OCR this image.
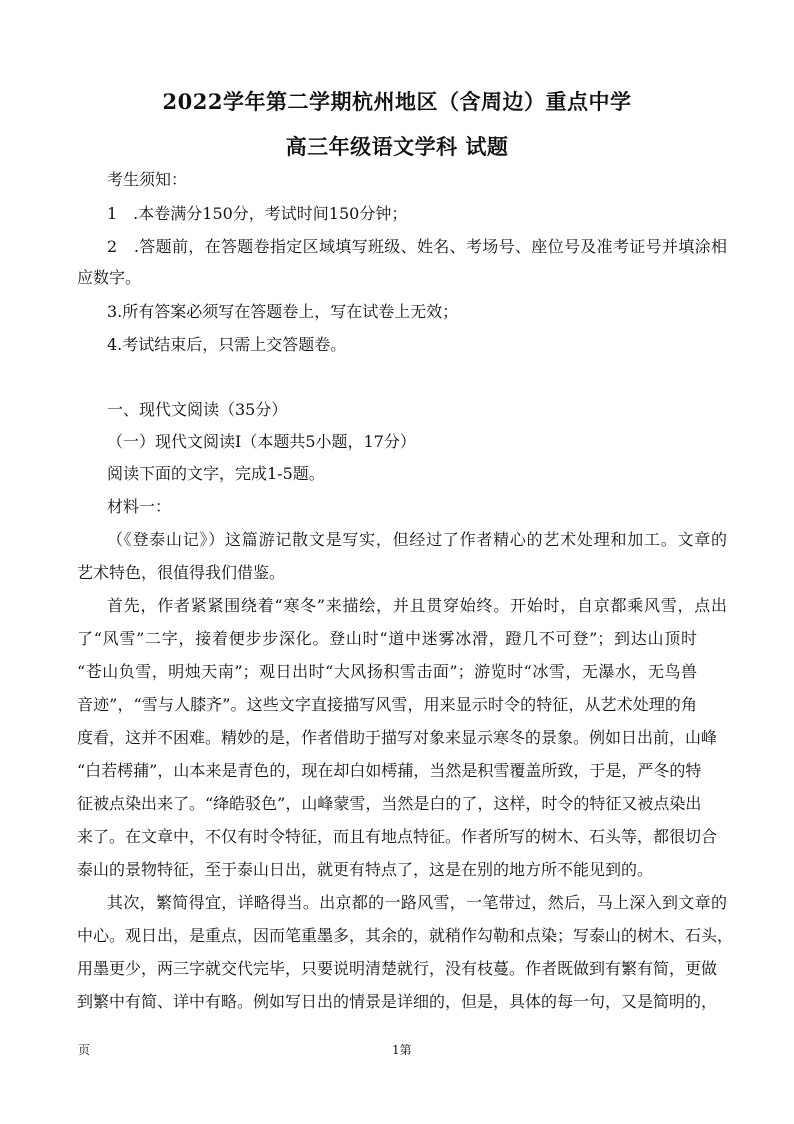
2022学年第二学期杭州地区（含周边）重点中学
高三年级语文学科 试题
考生须知：
1　.本卷满分150分，考试时间150分钟；
2　.答题前，在答题卷指定区域填写班级、姓名、考场号、座位号及准考证号并填涂相
应数字。
3.所有答案必须写在答题卷上，写在试卷上无效；
4.考试结束后，只需上交答题卷。
一、现代文阅读（35分）
（一）现代文阅读I（本题共5小题，17分）
阅读下面的文字，完成1-5题。
材料一：
（《登泰山记》）这篇游记散文是写实，但经过了作者精心的艺术处理和加工。文章的
艺术特色，很值得我们借鉴。
首先，作者紧紧围绕着“寒冬”来描绘，并且贯穿始终。开始时，自京都乘风雪，点出
了“风雪”二字，接着便步步深化。登山时“道中迷雾冰滑，蹬几不可登”；到达山顶时
“苍山负雪，明烛天南”；观日出时“大风扬积雪击面”；游览时“冰雪，无瀑水，无鸟兽
音迹”，“雪与人膝齐”。这些文字直接描写风雪，用来显示时令的特征，从艺术处理的角
度看，这并不困难。精妙的是，作者借助于描写对象来显示寒冬的景象。例如日出前，山峰
“白若樗蒱”，山本来是青色的，现在却白如樗蒱，当然是积雪覆盖所致，于是，严冬的特
征被点染出来了。“绛皓驳色”，山峰蒙雪，当然是白的了，这样，时令的特征又被点染出
来了。在文章中，不仅有时令特征，而且有地点特征。作者所写的树木、石头等，都很切合
泰山的景物特征，至于泰山日出，就更有特点了，这是在别的地方所不能见到的。
其次，繁简得宜，详略得当。出京都的一路风雪，一笔带过，然后，马上深入到文章的
中心。观日出，是重点，因而笔重墨多，其余的，就稍作勾勒和点染；写泰山的树木、石头，
用墨更少，两三字就交代完毕，只要说明清楚就行，没有枝蔓。作者既做到有繁有简，更做
到繁中有简、详中有略。例如写日出的情景是详细的，但是，具体的每一句，又是简明的，
页	1第
